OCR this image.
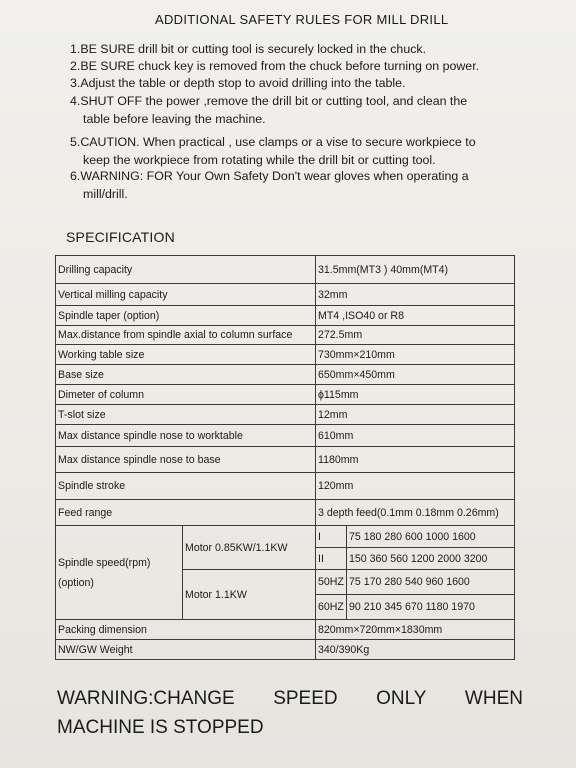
ADDITIONAL SAFETY RULES FOR MILL DRILL
1.BE SURE drill bit or cutting tool is securely locked in the chuck.
2.BE SURE chuck key is removed from the chuck before turning on power.
3.Adjust the table or depth stop to avoid drilling into the table.
4.SHUT OFF the power ,remove the drill bit or cutting tool, and clean the
table before leaving the machine.
5.CAUTION. When practical , use clamps or a vise to secure workpiece to
keep the workpiece from rotating while the drill bit or cutting tool.
6.WARNING: FOR Your Own Safety Don't wear gloves when operating a
mill/drill.
SPECIFICATION
Drilling capacity		31.5mm(MT3 ) 40mm(MT4)	
Vertical milling capacity		32mm	
Spindle taper (option)		MT4 ,ISO40 or R8	
Max.distance from spindle axial to column surface		272.5mm	
Working table size		730mm×210mm	
Base size		650mm×450mm	
Dimeter of column		ϕ115mm	
T-slot size		12mm	
Max distance spindle nose to worktable		610mm	
Max distance spindle nose to base		1180mm	
Spindle stroke		120mm	
Feed range		3 depth feed(0.1mm 0.18mm 0.26mm)	

Spindle speed(rpm)
(option)	Motor 0.85KW/1.1KW	I	75 180 280 600 1000 1600
		II	150 360 560 1200 2000 3200
	Motor 1.1KW	50HZ	75 170 280 540 960 1600
		60HZ	90 210 345 670 1180 1970
Packing dimension		820mm×720mm×1830mm	
NW/GW Weight		340/390Kg	
WARNING:CHANGE SPEED ONLY WHEN
MACHINE IS STOPPED
